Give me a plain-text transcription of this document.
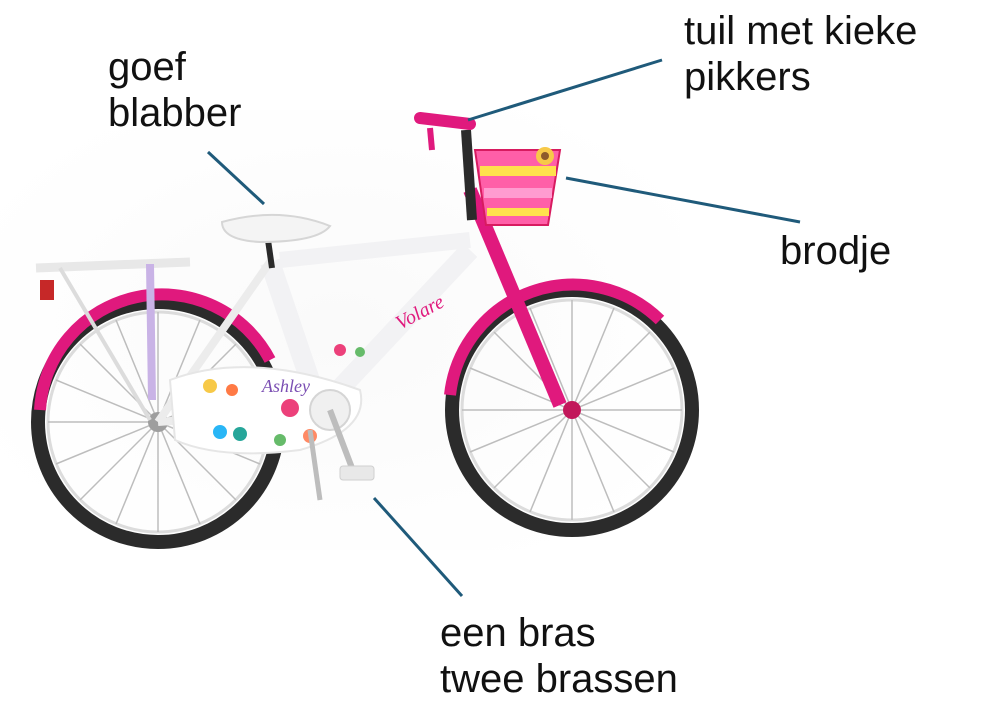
Volare
Ashley
goef
blabber
tuil met kieke
pikkers
brodje
een bras
twee brassen
